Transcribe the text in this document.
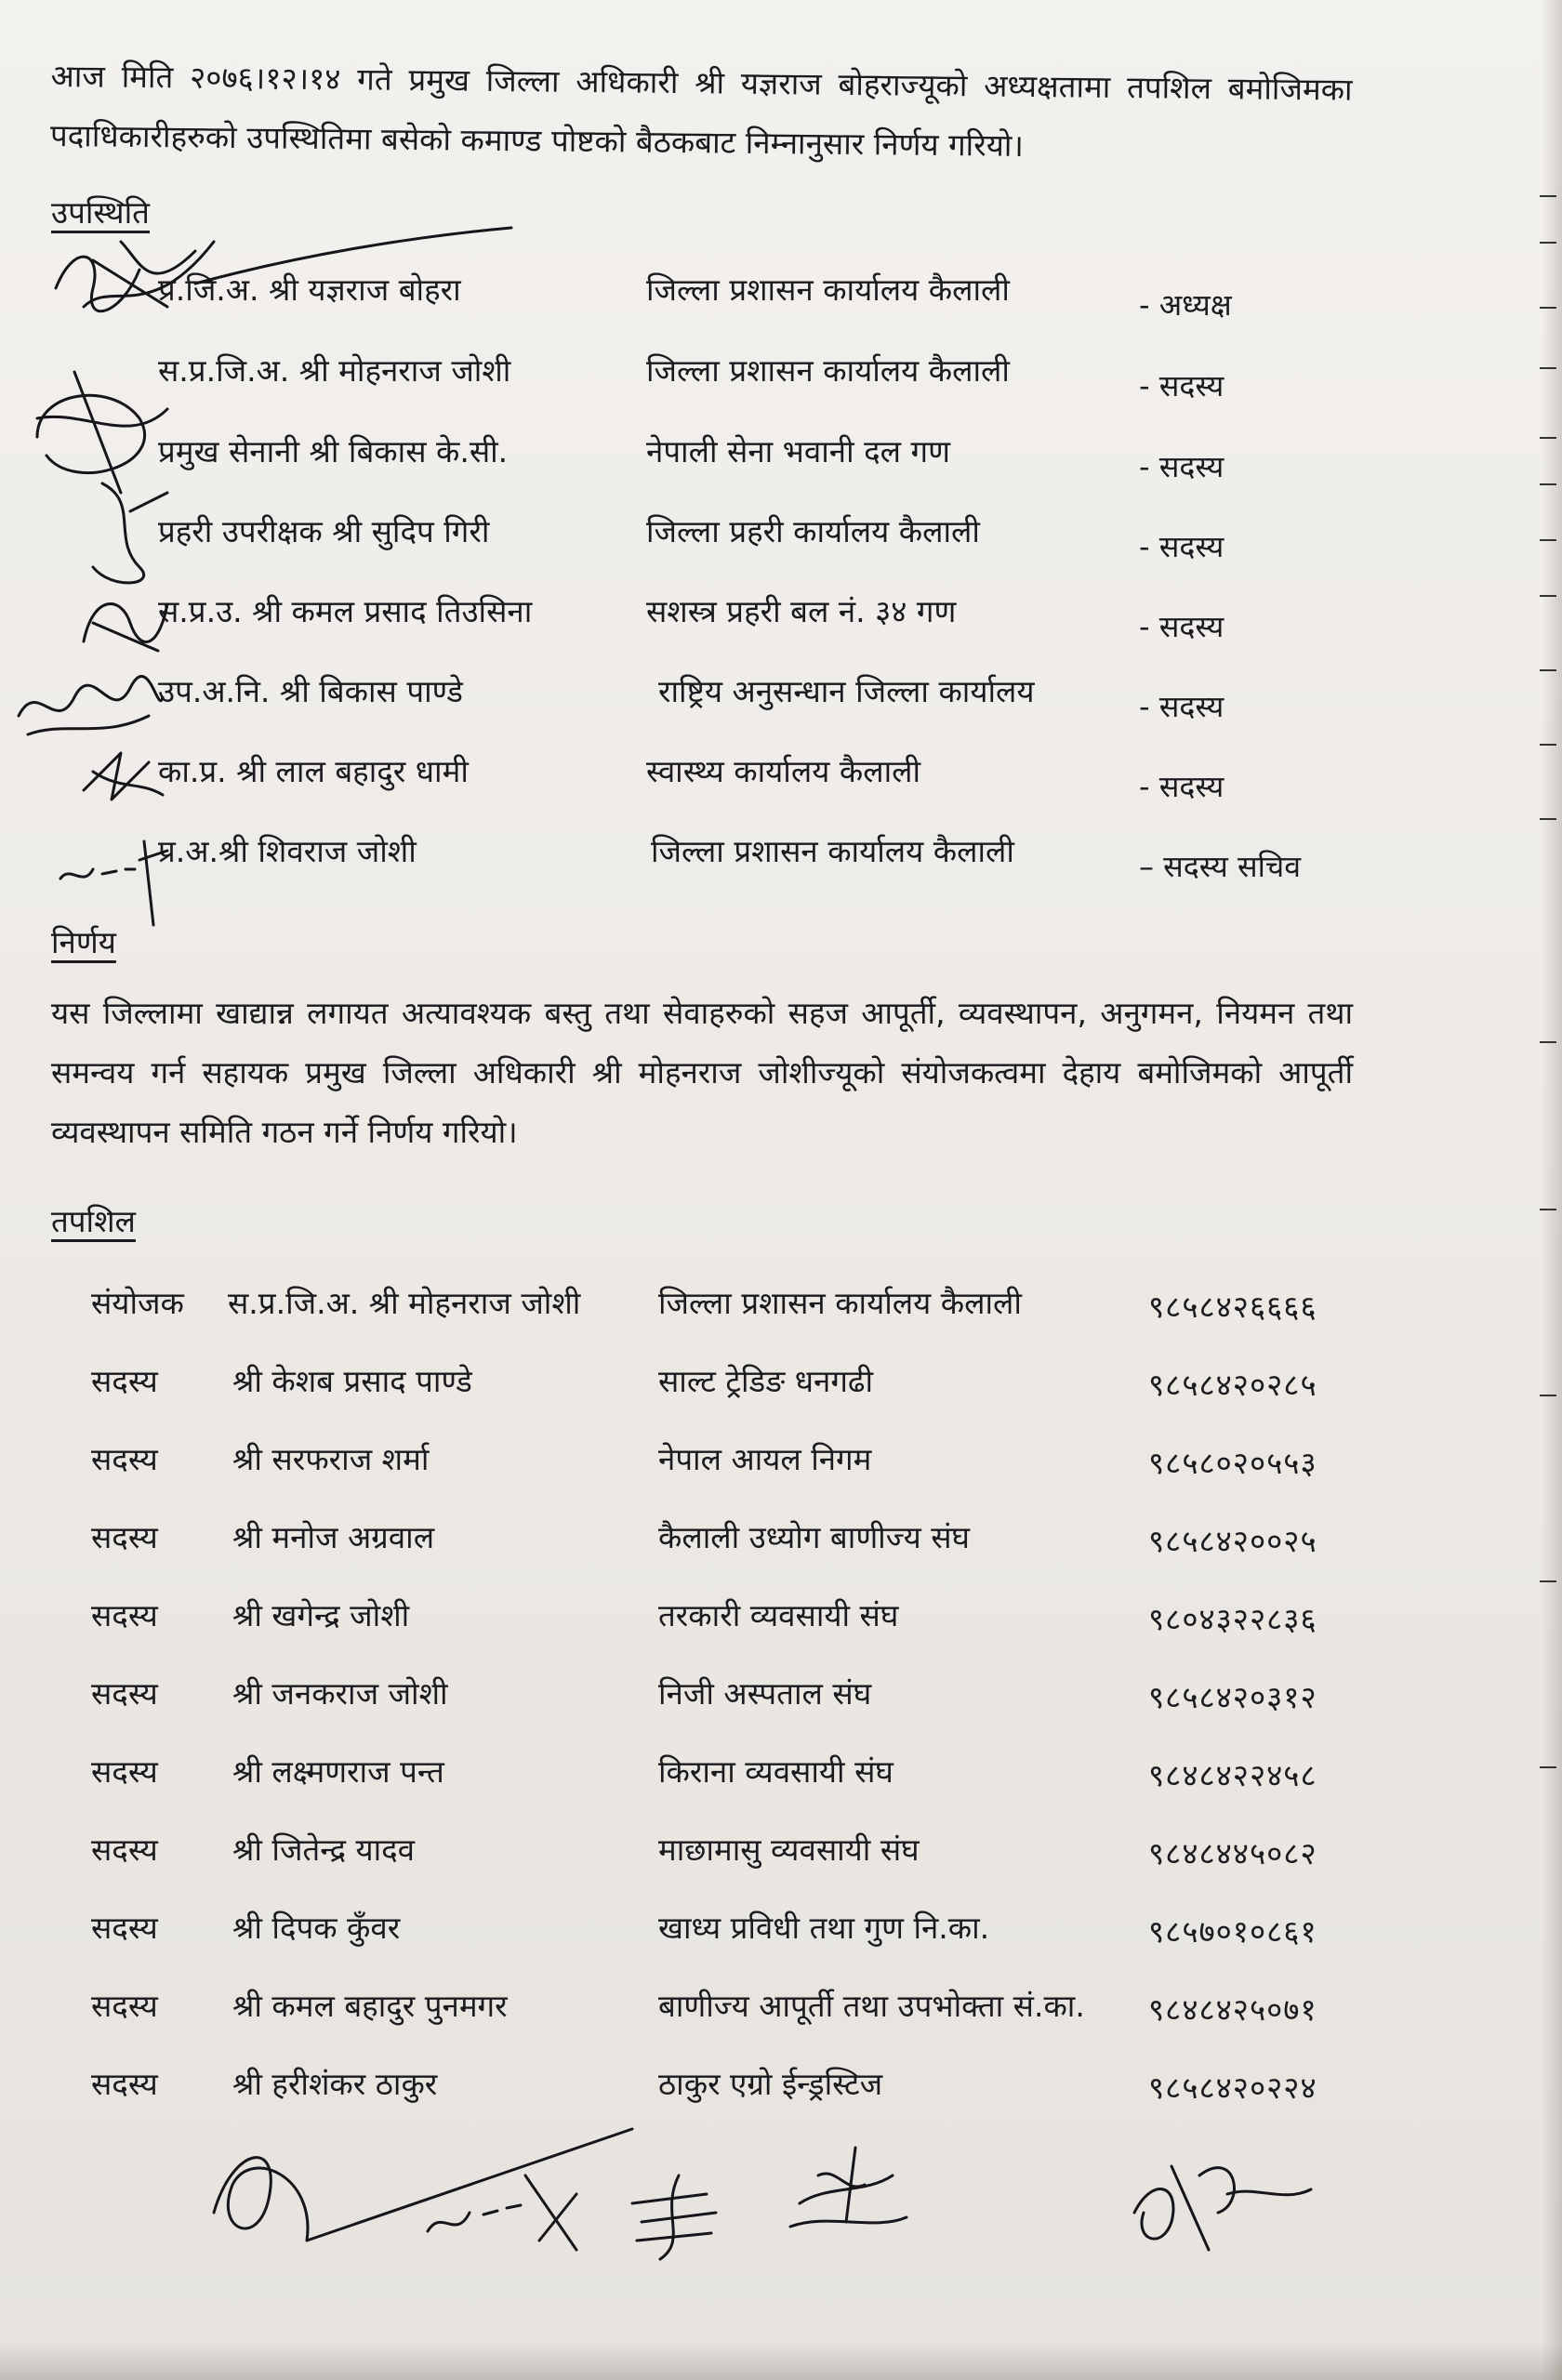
आज मिति २०७६।१२।१४ गते प्रमुख जिल्ला अधिकारी श्री यज्ञराज बोहराज्यूको अध्यक्षतामा तपशिल बमोजिमका पदाधिकारीहरुको उपस्थितिमा बसेको कमाण्ड पोष्टको बैठकबाट निम्नानुसार निर्णय गरियो।
उपस्थिति
प्र.जि.अ. श्री यज्ञराज बोहरा	जिल्ला प्रशासन कार्यालय कैलाली	- अध्यक्ष
स.प्र.जि.अ. श्री मोहनराज जोशी	जिल्ला प्रशासन कार्यालय कैलाली	- सदस्य
प्रमुख सेनानी श्री बिकास के.सी.	नेपाली सेना भवानी दल गण	- सदस्य
प्रहरी उपरीक्षक श्री सुदिप गिरी	जिल्ला प्रहरी कार्यालय कैलाली	- सदस्य
स.प्र.उ. श्री कमल प्रसाद तिउसिना	सशस्त्र प्रहरी बल नं. ३४ गण	- सदस्य
उप.अ.नि. श्री बिकास पाण्डे	राष्ट्रिय अनुसन्धान जिल्ला कार्यालय	- सदस्य
का.प्र. श्री लाल बहादुर धामी	स्वास्थ्य कार्यालय कैलाली	- सदस्य
प्र.अ.श्री शिवराज जोशी	जिल्ला प्रशासन कार्यालय कैलाली	– सदस्य सचिव
निर्णय
यस जिल्लामा खाद्यान्न लगायत अत्यावश्यक बस्तु तथा सेवाहरुको सहज आपूर्ती, व्यवस्थापन, अनुगमन, नियमन तथा समन्वय गर्न सहायक प्रमुख जिल्ला अधिकारी श्री मोहनराज जोशीज्यूको संयोजकत्वमा देहाय बमोजिमको आपूर्ती व्यवस्थापन समिति गठन गर्ने निर्णय गरियो।
तपशिल
संयोजक स.प्र.जि.अ. श्री मोहनराज जोशी	जिल्ला प्रशासन कार्यालय कैलाली	९८५८४२६६६६
सदस्य श्री केशब प्रसाद पाण्डे	साल्ट ट्रेडिङ धनगढी	९८५८४२०२८५
सदस्य श्री सरफराज शर्मा	नेपाल आयल निगम	९८५८०२०५५३
सदस्य श्री मनोज अग्रवाल	कैलाली उध्योग बाणीज्य संघ	९८५८४२००२५
सदस्य श्री खगेन्द्र जोशी	तरकारी व्यवसायी संघ	९८०४३२२८३६
सदस्य श्री जनकराज जोशी	निजी अस्पताल संघ	९८५८४२०३१२
सदस्य श्री लक्ष्मणराज पन्त	किराना व्यवसायी संघ	९८४८४२२४५८
सदस्य श्री जितेन्द्र यादव	माछामासु व्यवसायी संघ	९८४८४४५०८२
सदस्य श्री दिपक कुँवर	खाध्य प्रविधी तथा गुण नि.का.	९८५७०१०८६१
सदस्य श्री कमल बहादुर पुनमगर	बाणीज्य आपूर्ती तथा उपभोक्ता सं.का. ९८४८४२५०७१
सदस्य श्री हरीशंकर ठाकुर	ठाकुर एग्रो ईन्ड्रस्टिज	९८५८४२०२२४
